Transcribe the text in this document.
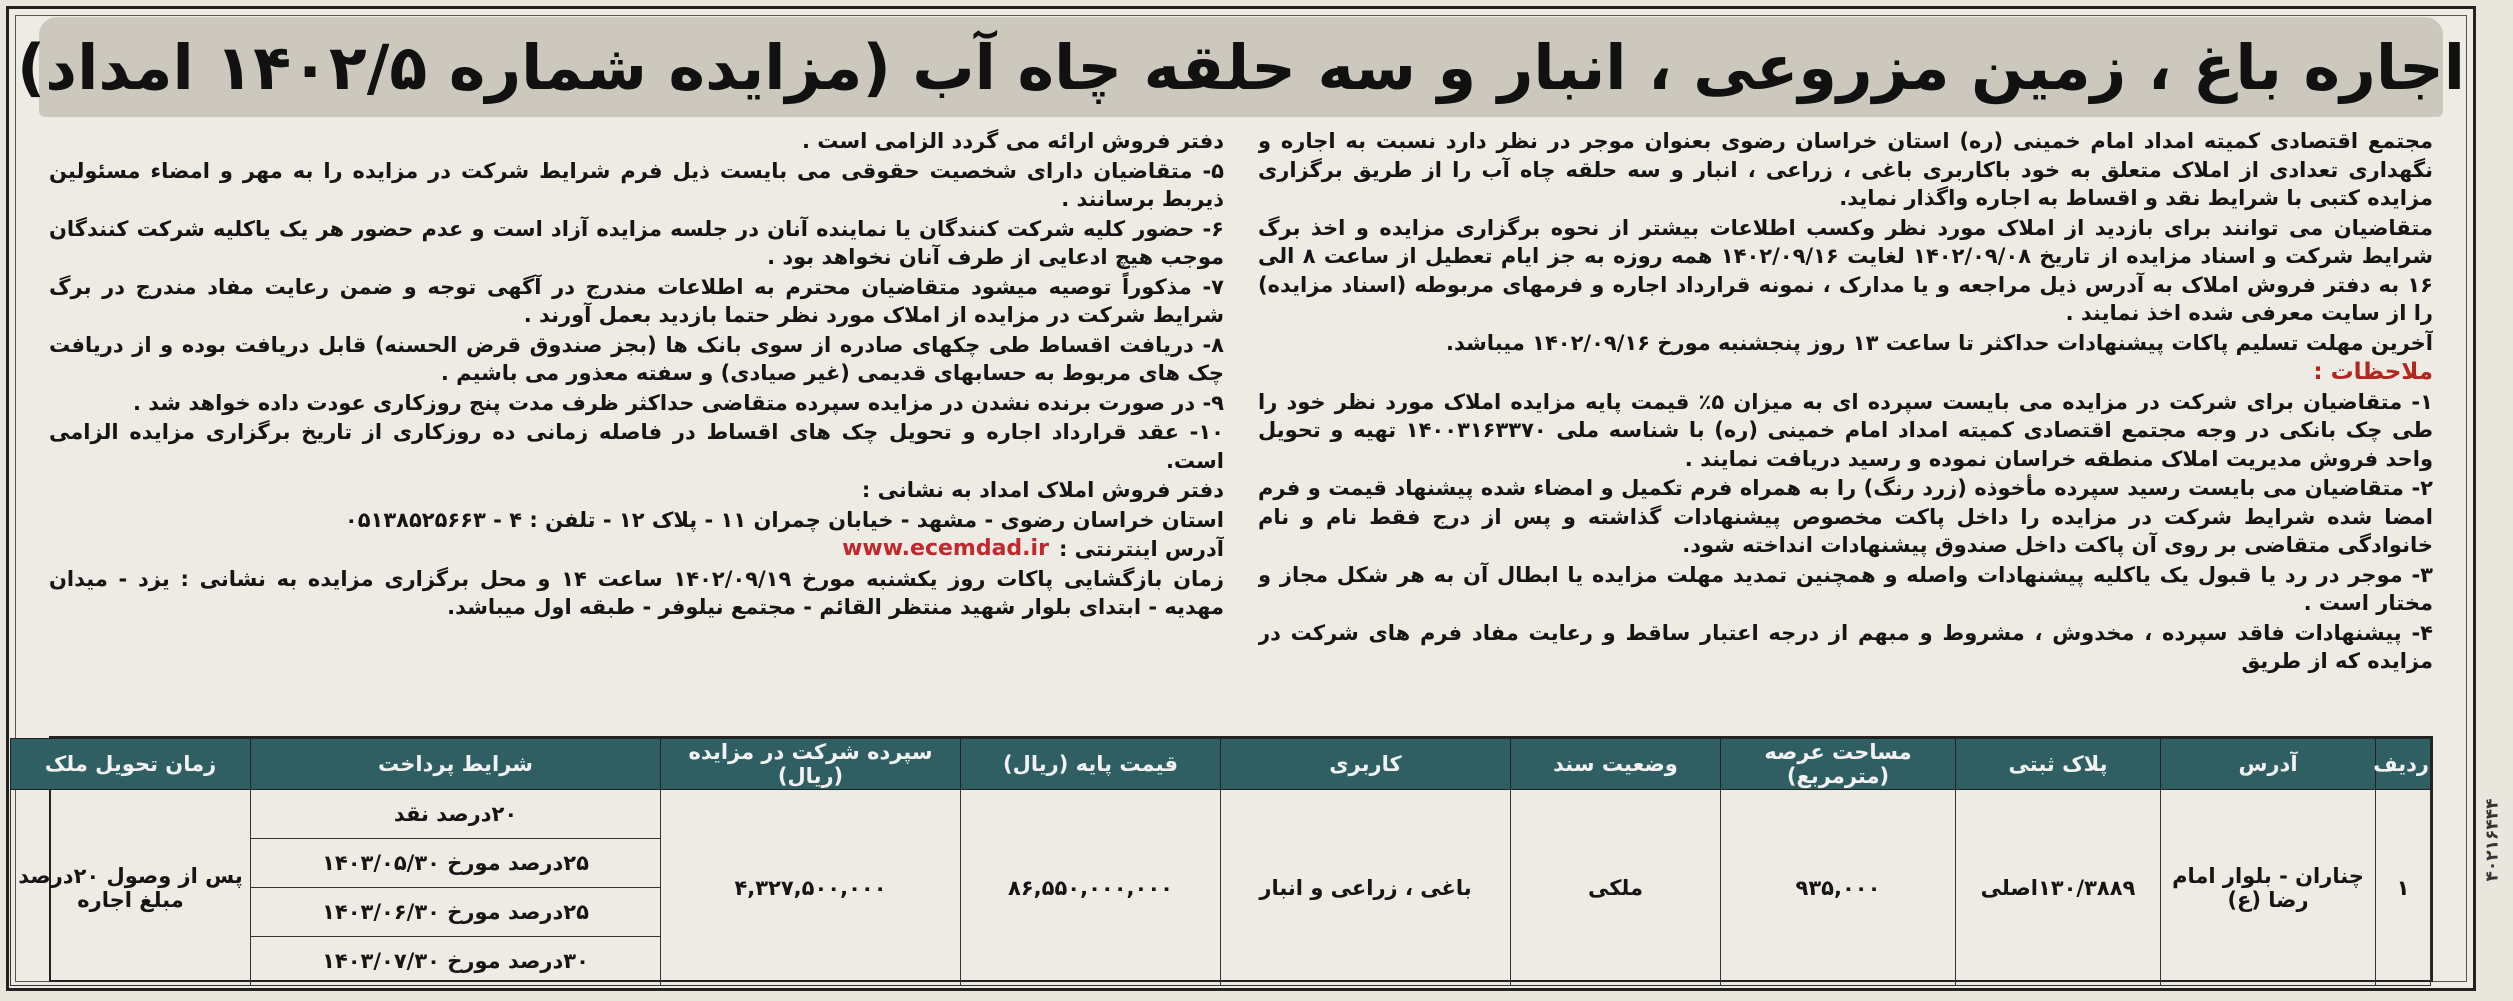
اجاره باغ ، زمین مزروعی ، انبار و سه حلقه چاه آب (مزایده شماره ۱۴۰۲/۵ امداد)

مجتمع اقتصادی کمیته امداد امام خمینی (ره) استان خراسان رضوی بعنوان موجر در نظر دارد نسبت به اجاره و نگهداری تعدادی از املاک متعلق به خود باکاربری باغی ، زراعی ، انبار و سه حلقه چاه آب را از طریق برگزاری مزایده کتبی با شرایط نقد و اقساط به اجاره واگذار نماید.

متقاضیان می توانند برای بازدید از املاک مورد نظر وکسب اطلاعات بیشتر از نحوه برگزاری مزایده و اخذ برگ شرایط شرکت و اسناد مزایده از تاریخ ۱۴۰۲/۰۹/۰۸ لغایت ۱۴۰۲/۰۹/۱۶ همه روزه به جز ایام تعطیل از ساعت ۸ الی ۱۶ به دفتر فروش املاک به آدرس ذیل مراجعه و یا مدارک ، نمونه قرارداد اجاره و فرمهای مربوطه (اسناد مزایده) را از سایت معرفی شده اخذ نمایند .

آخرین مهلت تسلیم پاکات پیشنهادات حداکثر تا ساعت ۱۳ روز پنجشنبه مورخ ۱۴۰۲/۰۹/۱۶ میباشد.

ملاحظات :

۱- متقاضیان برای شرکت در مزایده می بایست سپرده ای به میزان ۵٪ قیمت پایه مزایده املاک مورد نظر خود را طی چک بانکی در وجه مجتمع اقتصادی کمیته امداد امام خمینی (ره) با شناسه ملی ۱۴۰۰۳۱۶۳۳۷۰ تهیه و تحویل واحد فروش مدیریت املاک منطقه خراسان نموده و رسید دریافت نمایند .

۲- متقاضیان می بایست رسید سپرده مأخوذه (زرد رنگ) را به همراه فرم تکمیل و امضاء شده پیشنهاد قیمت و فرم امضا شده شرایط شرکت در مزایده را داخل پاکت مخصوص پیشنهادات گذاشته و پس از درج فقط نام و نام خانوادگی متقاضی بر روی آن پاکت داخل صندوق پیشنهادات انداخته شود.

۳- موجر در رد یا قبول یک یاکلیه پیشنهادات واصله و همچنین تمدید مهلت مزایده یا ابطال آن به هر شکل مجاز و مختار است .

۴- پیشنهادات فاقد سپرده ، مخدوش ، مشروط و مبهم از درجه اعتبار ساقط و رعایت مفاد فرم های شرکت در مزایده که از طریق

دفتر فروش ارائه می گردد الزامی است .

۵- متقاضیان دارای شخصیت حقوقی می بایست ذیل فرم شرایط شرکت در مزایده را به مهر و امضاء مسئولین ذیربط برسانند .

۶- حضور کلیه شرکت کنندگان یا نماینده آنان در جلسه مزایده آزاد است و عدم حضور هر یک یاکلیه شرکت کنندگان موجب هیچ ادعایی از طرف آنان نخواهد بود .

۷- مذکوراً توصیه میشود متقاضیان محترم به اطلاعات مندرج در آگهی توجه و ضمن رعایت مفاد مندرج در برگ شرایط شرکت در مزایده از املاک مورد نظر حتما بازدید بعمل آورند .

۸- دریافت اقساط طی چکهای صادره از سوی بانک ها (بجز صندوق قرض الحسنه) قابل دریافت بوده و از دریافت چک های مربوط به حسابهای قدیمی (غیر صیادی) و سفته معذور می باشیم .

۹- در صورت برنده نشدن در مزایده سپرده متقاضی حداکثر ظرف مدت پنج روزکاری عودت داده خواهد شد .

۱۰- عقد قرارداد اجاره و تحویل چک های اقساط در فاصله زمانی ده روزکاری از تاریخ برگزاری مزایده الزامی است.

دفتر فروش املاک امداد به نشانی :

استان خراسان رضوی - مشهد - خیابان چمران ۱۱ - پلاک ۱۲ - تلفن : ۴ - ۰۵۱۳۸۵۲۵۶۶۳

آدرس اینترنتی :
www.ecemdad.ir

زمان بازگشایی پاکات روز یکشنبه مورخ ۱۴۰۲/۰۹/۱۹ ساعت ۱۴ و محل برگزاری مزایده به نشانی : یزد - میدان مهدیه - ابتدای بلوار شهید منتظر القائم - مجتمع نیلوفر - طبقه اول میباشد.

ردیف	آدرس	پلاک ثبتی	مساحت عرصه (مترمربع)	وضعیت سند	کاربری	قیمت پایه (ریال)	سپرده شرکت در مزایده (ریال)	شرایط پرداخت	زمان تحویل ملک
۱	چناران - بلوار امام رضا (ع)	۱۳۰/۳۸۸۹اصلی	۹۳۵,۰۰۰	ملکی	باغی ، زراعی و انبار	۸۶,۵۵۰,۰۰۰,۰۰۰	۴,۳۲۷,۵۰۰,۰۰۰	۲۰درصد نقد	پس از وصول ۲۰درصد مبلغ اجاره
								۲۵درصد مورخ ۱۴۰۳/۰۵/۳۰	
								۲۵درصد مورخ ۱۴۰۳/۰۶/۳۰	
								۳۰درصد مورخ ۱۴۰۳/۰۷/۳۰	
۴۰۲۱۶۴۴۴
